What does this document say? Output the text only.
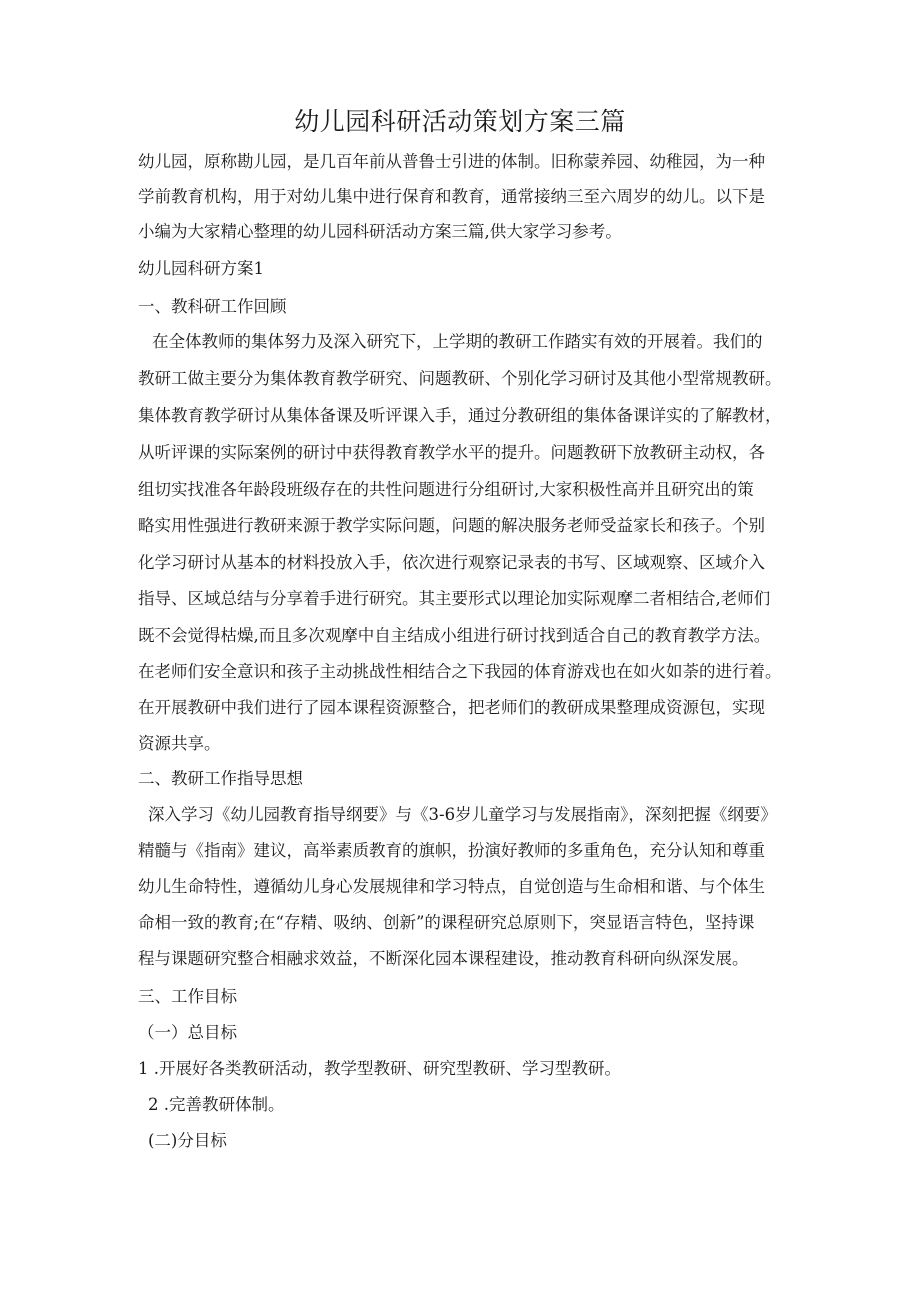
幼儿园科研活动策划方案三篇
幼儿园，原称勘儿园，是几百年前从普鲁士引进的体制。旧称蒙养园、幼稚园，为一种
学前教育机构，用于对幼儿集中进行保育和教育，通常接纳三至六周岁的幼儿。以下是
小编为大家精心整理的幼儿园科研活动方案三篇,供大家学习参考。
幼儿园科研方案1
一、教科研工作回顾
在全体教师的集体努力及深入研究下，上学期的教研工作踏实有效的开展着。我们的
教研工做主要分为集体教育教学研究、问题教研、个别化学习研讨及其他小型常规教研。
集体教育教学研讨从集体备课及听评课入手，通过分教研组的集体备课详实的了解教材，
从听评课的实际案例的研讨中获得教育教学水平的提升。问题教研下放教研主动权，各
组切实找准各年龄段班级存在的共性问题进行分组研讨,大家积极性高并且研究出的策
略实用性强进行教研来源于教学实际问题，问题的解决服务老师受益家长和孩子。个别
化学习研讨从基本的材料投放入手，依次进行观察记录表的书写、区域观察、区域介入
指导、区域总结与分享着手进行研究。其主要形式以理论加实际观摩二者相结合,老师们
既不会觉得枯燥,而且多次观摩中自主结成小组进行研讨找到适合自己的教育教学方法。
在老师们安全意识和孩子主动挑战性相结合之下我园的体育游戏也在如火如荼的进行着。
在开展教研中我们进行了园本课程资源整合，把老师们的教研成果整理成资源包，实现
资源共享。
二、教研工作指导思想
深入学习《幼儿园教育指导纲要》与《3-6岁儿童学习与发展指南》，深刻把握《纲要》
精髓与《指南》建议，高举素质教育的旗帜，扮演好教师的多重角色，充分认知和尊重
幼儿生命特性，遵循幼儿身心发展规律和学习特点，自觉创造与生命相和谐、与个体生
命相一致的教育;在“存精、吸纳、创新”的课程研究总原则下，突显语言特色，坚持课
程与课题研究整合相融求效益，不断深化园本课程建设，推动教育科研向纵深发展。
三、工作目标
（一）总目标
1 .开展好各类教研活动，教学型教研、研究型教研、学习型教研。
2 .完善教研体制。
(二)分目标
